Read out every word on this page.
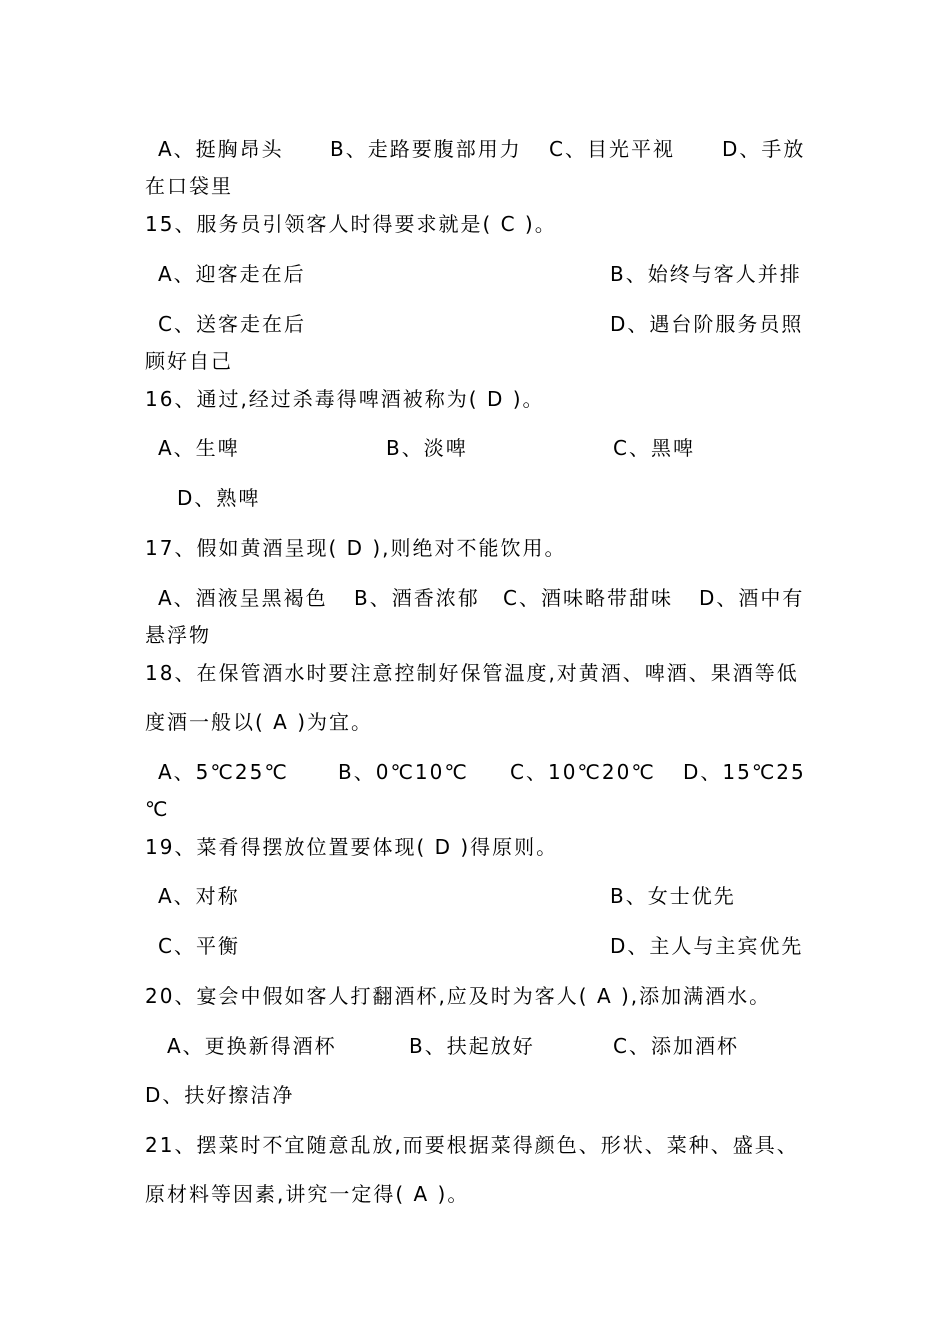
A、挺胸昂头 B、走路要腹部用力 C、目光平视 D、手放
在口袋里
15、服务员引领客人时得要求就是( C )。
A、迎客走在后	B、始终与客人并排
C、送客走在后	D、遇台阶服务员照
顾好自己
16、通过,经过杀毒得啤酒被称为( D )。
A、生啤	B、淡啤	C、黑啤
D、熟啤
17、假如黄酒呈现( D ),则绝对不能饮用。
A、酒液呈黑褐色 B、酒香浓郁 C、酒味略带甜味 D、酒中有
悬浮物
18、在保管酒水时要注意控制好保管温度,对黄酒、啤酒、果酒等低
度酒一般以( A )为宜。
A、5℃25℃ B、0℃10℃ C、10℃20℃ D、15℃25
℃
19、菜肴得摆放位置要体现( D )得原则。
A、对称	B、女士优先
C、平衡	D、主人与主宾优先
20、宴会中假如客人打翻酒杯,应及时为客人( A ),添加满酒水。
A、更换新得酒杯	B、扶起放好	C、添加酒杯
D、扶好擦洁净
21、摆菜时不宜随意乱放,而要根据菜得颜色、形状、菜种、盛具、
原材料等因素,讲究一定得( A )。
